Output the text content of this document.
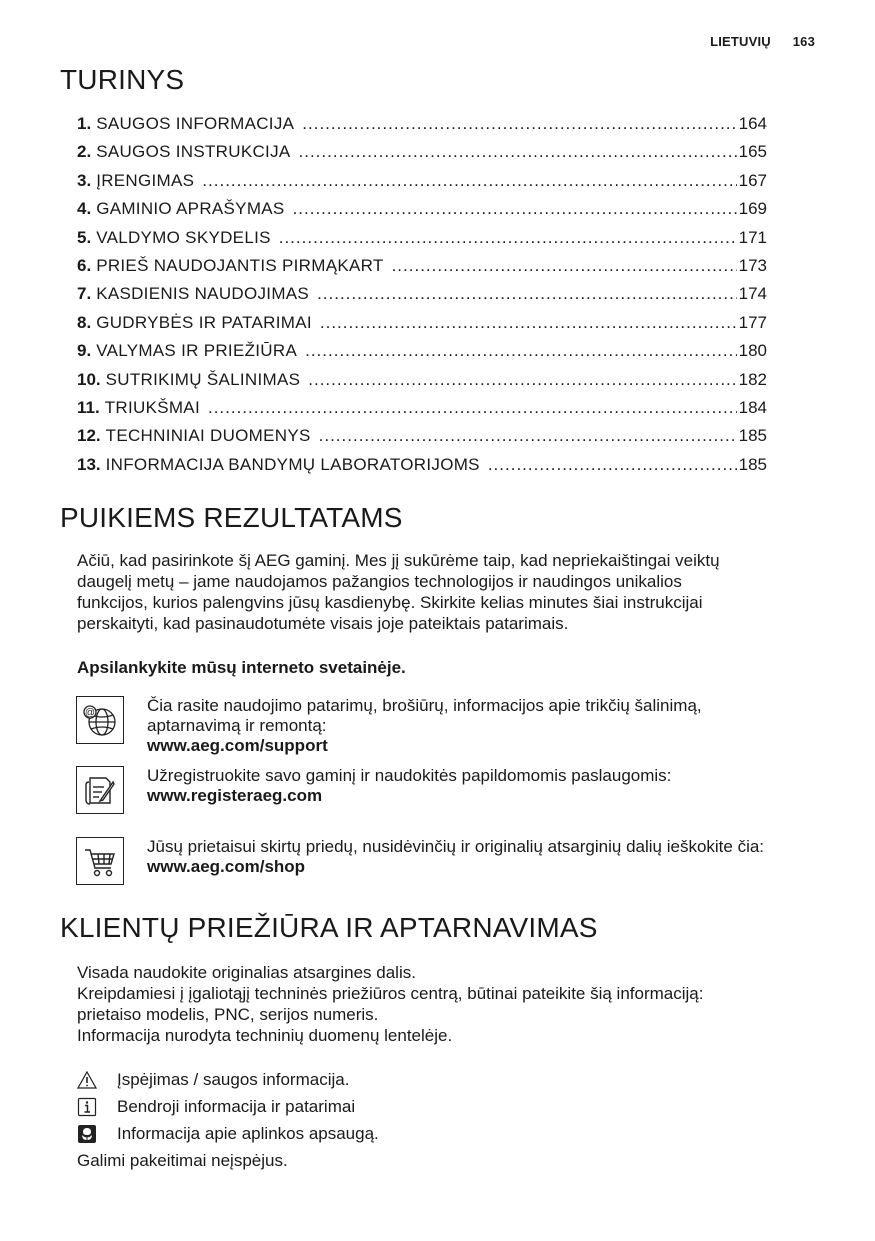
LIETUVIŲ 163
TURINYS
1. SAUGOS INFORMACIJA .....	164
2. SAUGOS INSTRUKCIJA .....	165
3. ĮRENGIMAS .....	167
4. GAMINIO APRAŠYMAS .....	169
5. VALDYMO SKYDELIS .....	171
6. PRIEŠ NAUDOJANTIS PIRMĄKART .....	173
7. KASDIENIS NAUDOJIMAS .....	174
8. GUDRYBĖS IR PATARIMAI .....	177
9. VALYMAS IR PRIEŽIŪRA .....	180
10. SUTRIKIMŲ ŠALINIMAS .....	182
11. TRIUKŠMAI .....	184
12. TECHNINIAI DUOMENYS .....	185
13. INFORMACIJA BANDYMŲ LABORATORIJOMS .....	185
PUIKIEMS REZULTATAMS
Ačiū, kad pasirinkote šį AEG gaminį. Mes jį sukūrėme taip, kad nepriekaištingai veiktų
daugelį metų – jame naudojamos pažangios technologijos ir naudingos unikalios
funkcijos, kurios palengvins jūsų kasdienybę. Skirkite kelias minutes šiai instrukcijai
perskaityti, kad pasinaudotumėte visais joje pateiktais patarimais.
Apsilankykite mūsų interneto svetainėje.
@	Čia rasite naudojimo patarimų, brošiūrų, informacijos apie trikčių šalinimą,
aptarnavimą ir remontą:
www.aeg.com/support
Užregistruokite savo gaminį ir naudokitės papildomomis paslaugomis:
www.registeraeg.com
Jūsų prietaisui skirtų priedų, nusidėvinčių ir originalių atsarginių dalių ieškokite čia:
www.aeg.com/shop
KLIENTŲ PRIEŽIŪRA IR APTARNAVIMAS
Visada naudokite originalias atsargines dalis.
Kreipdamiesi į įgaliotąjį techninės priežiūros centrą, būtinai pateikite šią informaciją:
prietaiso modelis, PNC, serijos numeris.
Informacija nurodyta techninių duomenų lentelėje.
Įspėjimas / saugos informacija.
Bendroji informacija ir patarimai
Informacija apie aplinkos apsaugą.
Galimi pakeitimai neįspėjus.
